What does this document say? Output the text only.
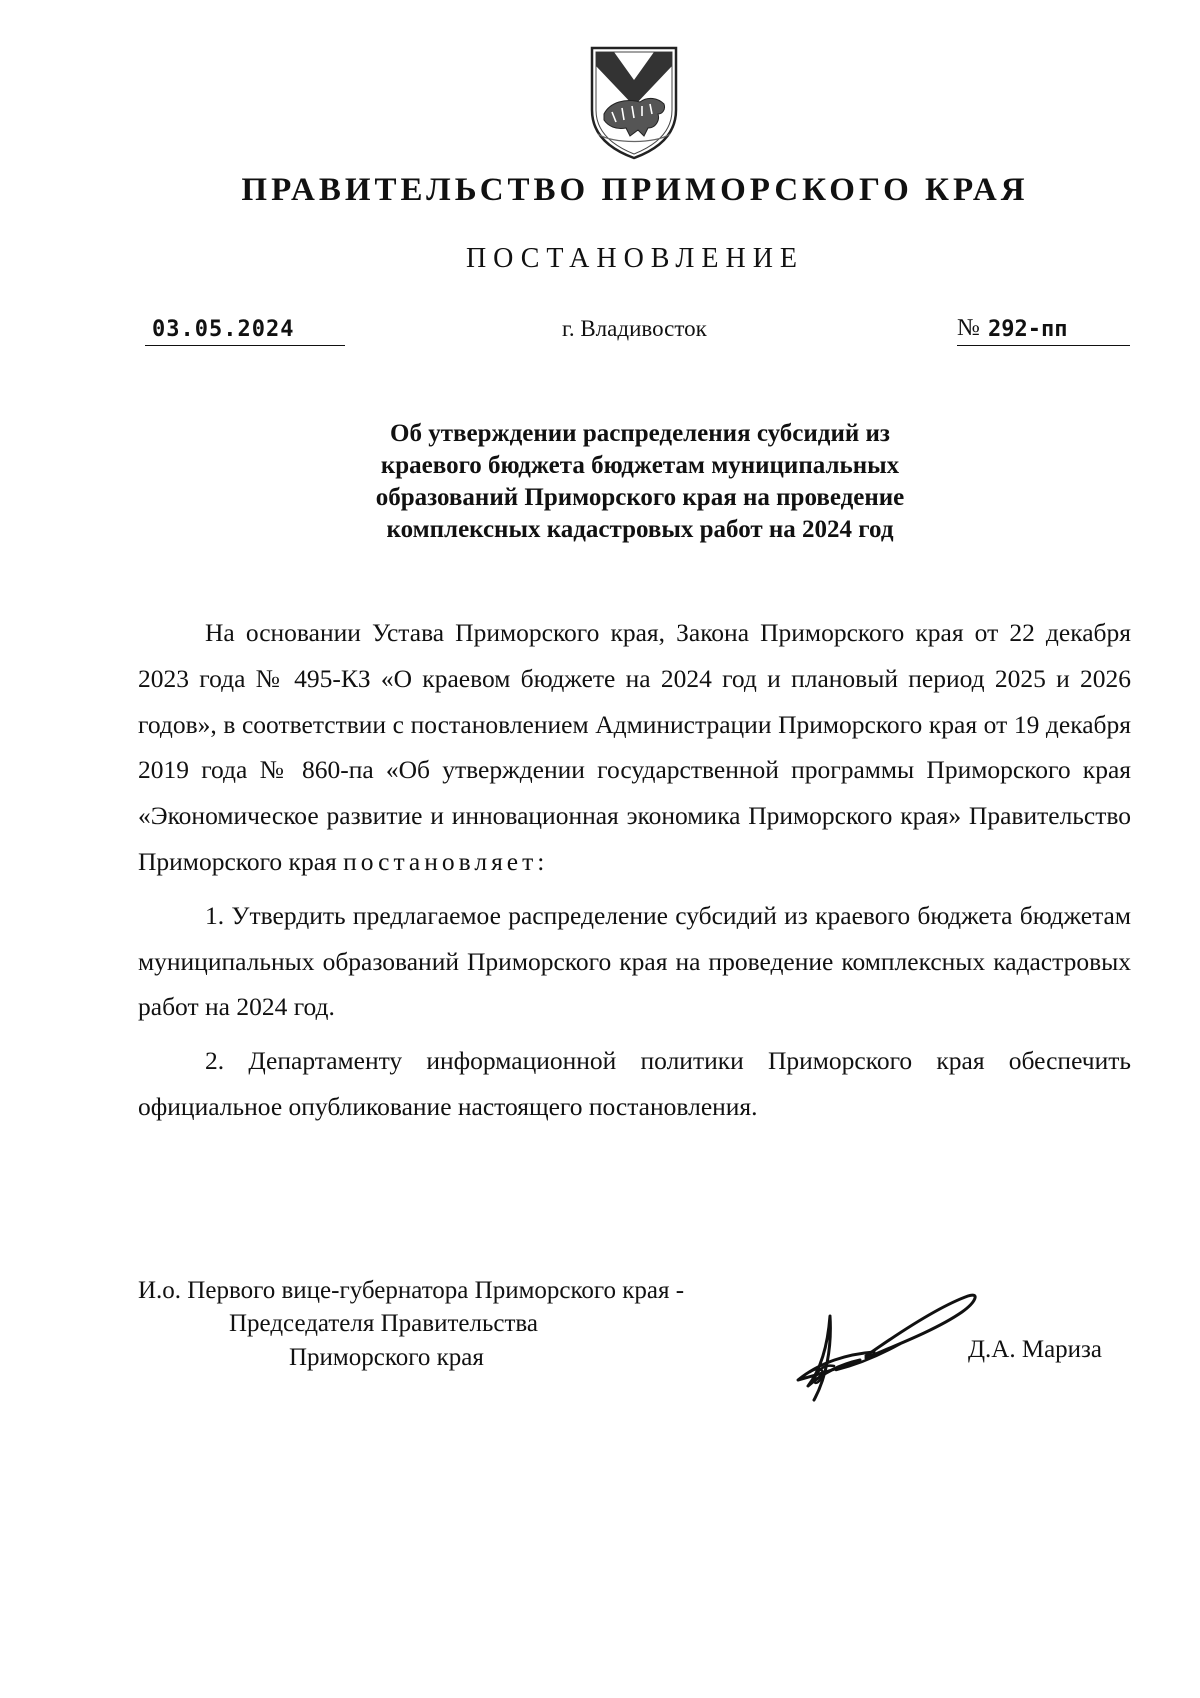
ПРАВИТЕЛЬСТВО ПРИМОРСКОГО КРАЯ
ПОСТАНОВЛЕНИЕ
03.05.2024	г. Владивосток	№ 292-пп
Об утверждении распределения субсидий из
краевого бюджета бюджетам муниципальных
образований Приморского края на проведение
комплексных кадастровых работ на 2024 год

На основании Устава Приморского края, Закона Приморского края от 22 декабря 2023 года № 495-КЗ «О краевом бюджете на 2024 год и плановый период 2025 и 2026 годов», в соответствии с постановлением Администрации Приморского края от 19 декабря 2019 года № 860-па «Об утверждении государственной программы Приморского края «Экономическое развитие и инновационная экономика Приморского края» Правительство Приморского края постановляет:

1. Утвердить предлагаемое распределение субсидий из краевого бюджета бюджетам муниципальных образований Приморского края на проведение комплексных кадастровых работ на 2024 год.

2. Департаменту информационной политики Приморского края обеспечить официальное опубликование настоящего постановления.

И.о. Первого вице-губернатора Приморского края -
Председателя Правительства
Приморского края	Д.А. Мариза
